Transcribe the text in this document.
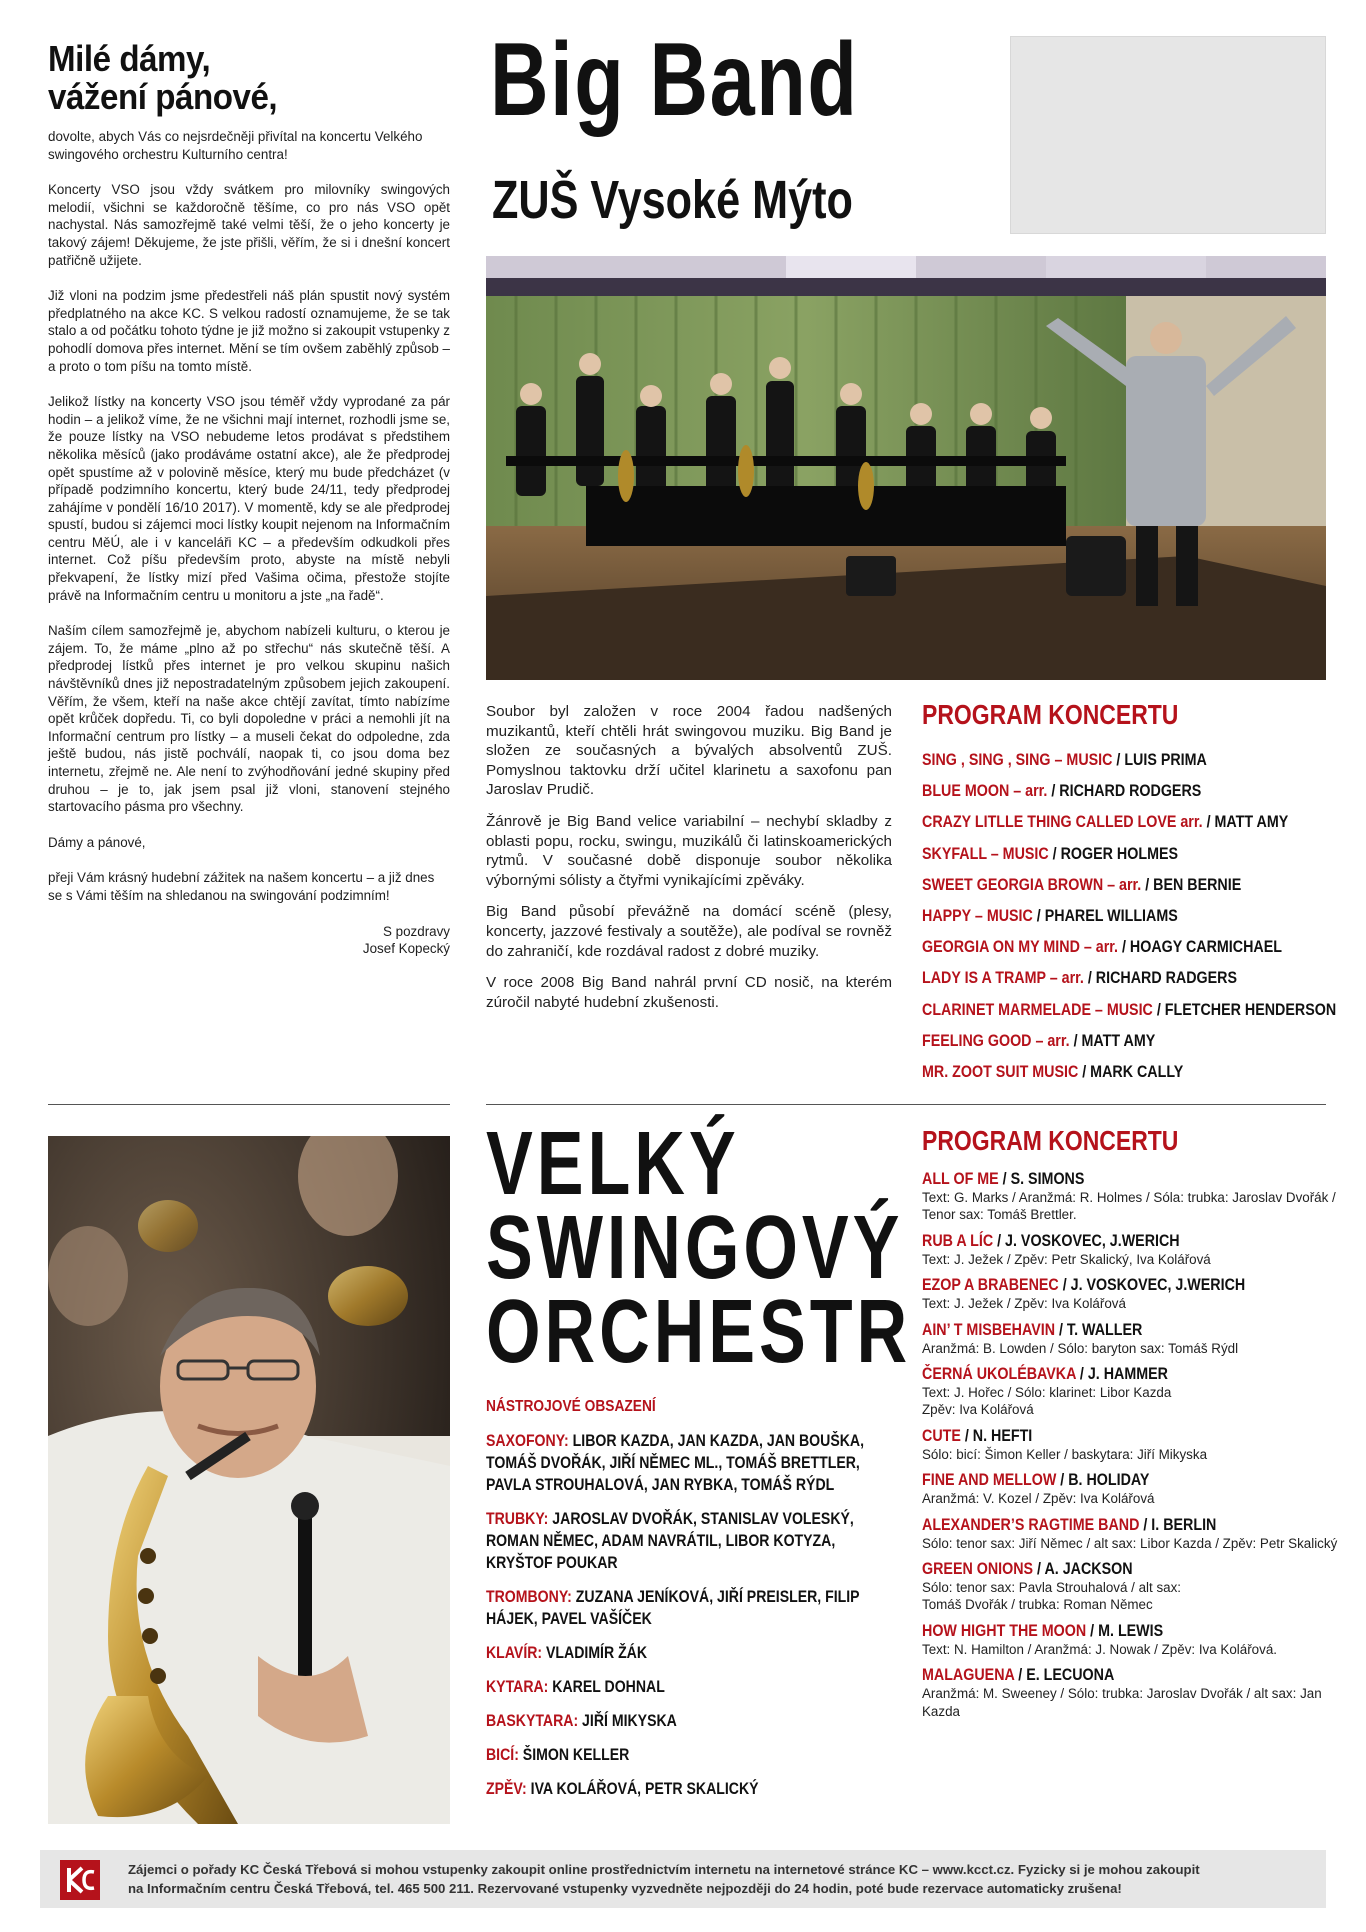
Milé dámy,
vážení pánové,

dovolte, abych Vás co nejsrdečněji přivítal na koncertu Velkého swingového orchestru Kulturního centra!

Koncerty VSO jsou vždy svátkem pro milovníky swingových melodií, všichni se každoročně těšíme, co pro nás VSO opět nachystal. Nás samozřejmě také velmi těší, že o jeho koncerty je takový zájem! Děkujeme, že jste přišli, věřím, že si i dnešní koncert patřičně užijete.

Již vloni na podzim jsme předestřeli náš plán spustit nový systém předplatného na akce KC. S velkou radostí oznamujeme, že se tak stalo a od počátku tohoto týdne je již možno si zakoupit vstupenky z pohodlí domova přes internet. Mění se tím ovšem zaběhlý způsob – a proto o tom píšu na tomto místě.

Jelikož lístky na koncerty VSO jsou téměř vždy vyprodané za pár hodin – a jelikož víme, že ne všichni mají internet, rozhodli jsme se, že pouze lístky na VSO nebudeme letos prodávat s předstihem několika měsíců (jako prodáváme ostatní akce), ale že předprodej opět spustíme až v polovině měsíce, který mu bude předcházet (v případě podzimního koncertu, který bude 24/11, tedy předprodej zahájíme v pondělí 16/10 2017). V momentě, kdy se ale předprodej spustí, budou si zájemci moci lístky koupit nejenom na Informačním centru MěÚ, ale i v kanceláři KC – a především odkudkoli přes internet. Což píšu především proto, abyste na místě nebyli překvapení, že lístky mizí před Vašima očima, přestože stojíte právě na Informačním centru u monitoru a jste „na řadě“.

Naším cílem samozřejmě je, abychom nabízeli kulturu, o kterou je zájem. To, že máme „plno až po střechu“ nás skutečně těší. A předprodej lístků přes internet je pro velkou skupinu našich návštěvníků dnes již nepostradatelným způsobem jejich zakoupení. Věřím, že všem, kteří na naše akce chtějí zavítat, tímto nabízíme opět krůček dopředu. Ti, co byli dopoledne v práci a nemohli jít na Informační centrum pro lístky – a museli čekat do odpoledne, zda ještě budou, nás jistě pochválí, naopak ti, co jsou doma bez internetu, zřejmě ne. Ale není to zvýhodňování jedné skupiny před druhou – je to, jak jsem psal již vloni, stanovení stejného startovacího pásma pro všechny.

Dámy a pánové,

přeji Vám krásný hudební zážitek na našem koncertu – a již dnes se s Vámi těším na shledanou na swingování podzimním!

S pozdravy

Josef Kopecký

Big Band
ZUŠ Vysoké Mýto

Soubor byl založen v roce 2004 řadou nadšených muzikantů, kteří chtěli hrát swingovou muziku. Big Band je složen ze současných a bývalých absolventů ZUŠ. Pomyslnou taktovku drží učitel klarinetu a saxofonu pan Jaroslav Prudič.

Žánrově je Big Band velice variabilní – nechybí skladby z oblasti popu, rocku, swingu, muzikálů či latinskoamerických rytmů. V současné době disponuje soubor několika výbornými sólisty a čtyřmi vynikajícími zpěváky.

Big Band působí převážně na domácí scéně (plesy, koncerty, jazzové festivaly a soutěže), ale podíval se rovněž do zahraničí, kde rozdával radost z dobré muziky.

V roce 2008 Big Band nahrál první CD nosič, na kterém zúročil nabyté hudební zkušenosti.

PROGRAM KONCERTU
SING , SING , SING – MUSIC / LUIS PRIMA
BLUE MOON – arr. / RICHARD RODGERS
CRAZY LITLLE THING CALLED LOVE arr. / MATT AMY
SKYFALL – MUSIC / ROGER HOLMES
SWEET GEORGIA BROWN – arr. / BEN BERNIE
HAPPY – MUSIC / PHAREL WILLIAMS
GEORGIA ON MY MIND – arr. / HOAGY CARMICHAEL
LADY IS A TRAMP – arr. / RICHARD RADGERS
CLARINET MARMELADE – MUSIC / FLETCHER HENDERSON
FEELING GOOD – arr. / MATT AMY
MR. ZOOT SUIT MUSIC / MARK CALLY
VELKÝ
SWINGOVÝ
ORCHESTR
NÁSTROJOVÉ OBSAZENÍ
SAXOFONY: LIBOR KAZDA, JAN KAZDA, JAN BOUŠKA, TOMÁŠ DVOŘÁK, JIŘÍ NĚMEC ML., TOMÁŠ BRETTLER, PAVLA STROUHALOVÁ, JAN RYBKA, TOMÁŠ RÝDL
TRUBKY: JAROSLAV DVOŘÁK, STANISLAV VOLESKÝ, ROMAN NĚMEC, ADAM NAVRÁTIL, LIBOR KOTYZA, KRYŠTOF POUKAR
TROMBONY: ZUZANA JENÍKOVÁ, JIŘÍ PREISLER, FILIP HÁJEK, PAVEL VAŠÍČEK
KLAVÍR: VLADIMÍR ŽÁK
KYTARA: KAREL DOHNAL
BASKYTARA: JIŘÍ MIKYSKA
BICÍ: ŠIMON KELLER
ZPĚV: IVA KOLÁŘOVÁ, PETR SKALICKÝ
PROGRAM KONCERTU
ALL OF ME / S. SIMONS
Text: G. Marks / Aranžmá: R. Holmes / Sóla: trubka: Jaroslav Dvořák / Tenor sax: Tomáš Brettler.
RUB A LÍC / J. VOSKOVEC, J.WERICH
Text: J. Ježek / Zpěv: Petr Skalický, Iva Kolářová
EZOP A BRABENEC / J. VOSKOVEC, J.WERICH
Text: J. Ježek / Zpěv: Iva Kolářová
AIN’ T MISBEHAVIN / T. WALLER
Aranžmá: B. Lowden / Sólo: baryton sax: Tomáš Rýdl
ČERNÁ UKOLÉBAVKA / J. HAMMER
Text: J. Hořec / Sólo: klarinet: Libor Kazda
Zpěv: Iva Kolářová
CUTE / N. HEFTI
Sólo: bicí: Šimon Keller / baskytara: Jiří Mikyska
FINE AND MELLOW / B. HOLIDAY
Aranžmá: V. Kozel / Zpěv: Iva Kolářová
ALEXANDER’S RAGTIME BAND / I. BERLIN
Sólo: tenor sax: Jiří Němec / alt sax: Libor Kazda / Zpěv: Petr Skalický
GREEN ONIONS / A. JACKSON
Sólo: tenor sax: Pavla Strouhalová / alt sax:
Tomáš Dvořák / trubka: Roman Němec
HOW HIGHT THE MOON / M. LEWIS
Text: N. Hamilton / Aranžmá: J. Nowak / Zpěv: Iva Kolářová.
MALAGUENA / E. LECUONA
Aranžmá: M. Sweeney / Sólo: trubka: Jaroslav Dvořák / alt sax: Jan Kazda
Zájemci o pořady KC Česká Třebová si mohou vstupenky zakoupit online prostřednictvím internetu na internetové stránce KC – www.kcct.cz. Fyzicky si je mohou zakoupit
na Informačním centru Česká Třebová, tel. 465 500 211. Rezervované vstupenky vyzvedněte nejpozději do 24 hodin, poté bude rezervace automaticky zrušena!
